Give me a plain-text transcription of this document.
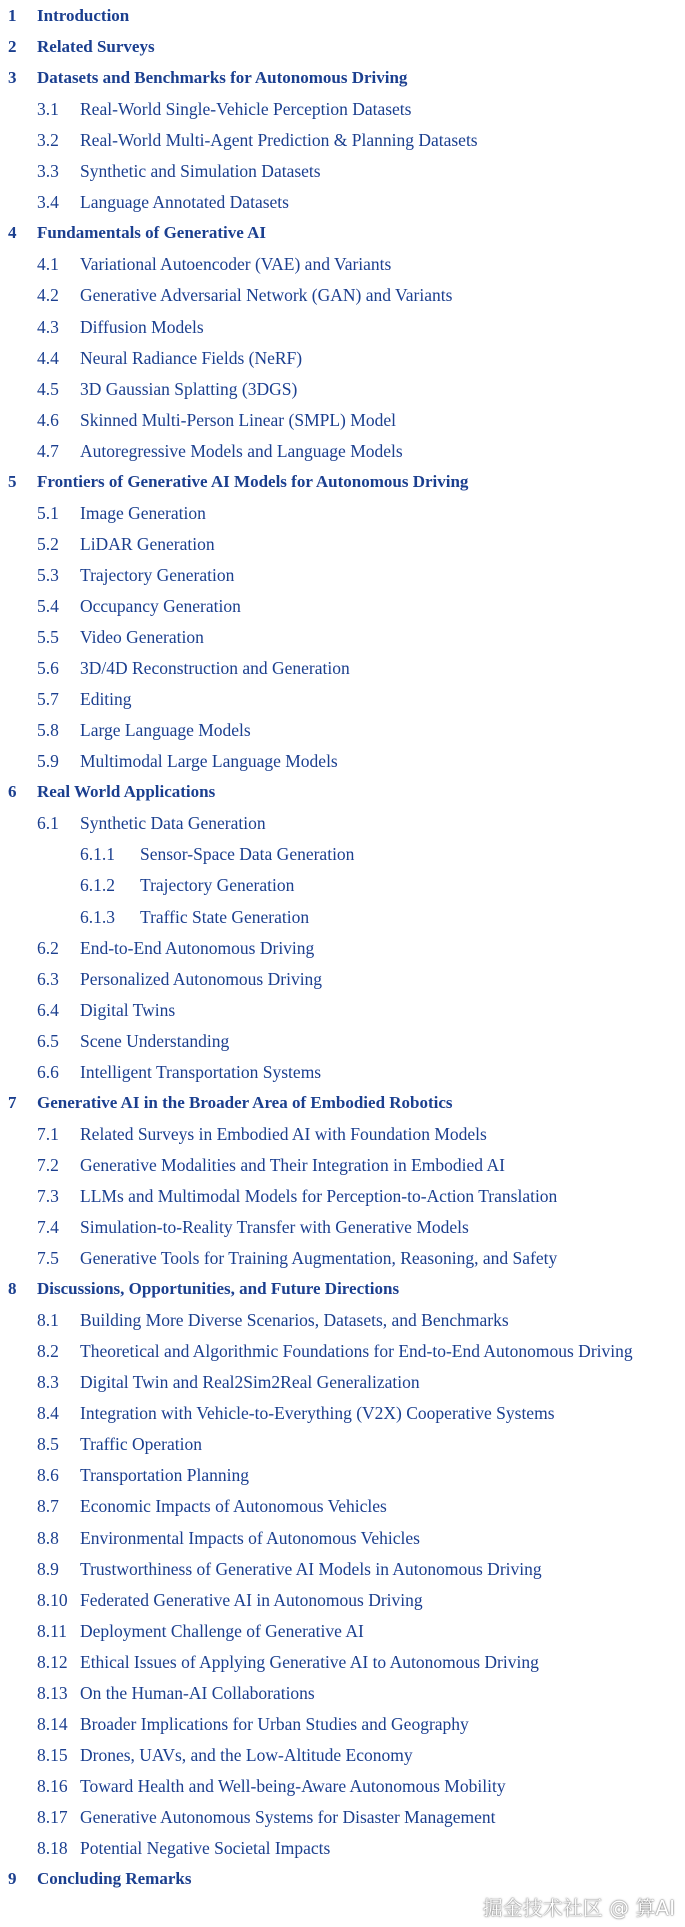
1 Introduction
2 Related Surveys
3 Datasets and Benchmarks for Autonomous Driving
3.1 Real-World Single-Vehicle Perception Datasets
3.2 Real-World Multi-Agent Prediction & Planning Datasets
3.3 Synthetic and Simulation Datasets
3.4 Language Annotated Datasets
4 Fundamentals of Generative AI
4.1 Variational Autoencoder (VAE) and Variants
4.2 Generative Adversarial Network (GAN) and Variants
4.3 Diffusion Models
4.4 Neural Radiance Fields (NeRF)
4.5 3D Gaussian Splatting (3DGS)
4.6 Skinned Multi-Person Linear (SMPL) Model
4.7 Autoregressive Models and Language Models
5 Frontiers of Generative AI Models for Autonomous Driving
5.1 Image Generation
5.2 LiDAR Generation
5.3 Trajectory Generation
5.4 Occupancy Generation
5.5 Video Generation
5.6 3D/4D Reconstruction and Generation
5.7 Editing
5.8 Large Language Models
5.9 Multimodal Large Language Models
6 Real World Applications
6.1 Synthetic Data Generation
6.1.1 Sensor-Space Data Generation
6.1.2 Trajectory Generation
6.1.3 Traffic State Generation
6.2 End-to-End Autonomous Driving
6.3 Personalized Autonomous Driving
6.4 Digital Twins
6.5 Scene Understanding
6.6 Intelligent Transportation Systems
7 Generative AI in the Broader Area of Embodied Robotics
7.1 Related Surveys in Embodied AI with Foundation Models
7.2 Generative Modalities and Their Integration in Embodied AI
7.3 LLMs and Multimodal Models for Perception-to-Action Translation
7.4 Simulation-to-Reality Transfer with Generative Models
7.5 Generative Tools for Training Augmentation, Reasoning, and Safety
8 Discussions, Opportunities, and Future Directions
8.1 Building More Diverse Scenarios, Datasets, and Benchmarks
8.2 Theoretical and Algorithmic Foundations for End-to-End Autonomous Driving
8.3 Digital Twin and Real2Sim2Real Generalization
8.4 Integration with Vehicle-to-Everything (V2X) Cooperative Systems
8.5 Traffic Operation
8.6 Transportation Planning
8.7 Economic Impacts of Autonomous Vehicles
8.8 Environmental Impacts of Autonomous Vehicles
8.9 Trustworthiness of Generative AI Models in Autonomous Driving
8.10 Federated Generative AI in Autonomous Driving
8.11 Deployment Challenge of Generative AI
8.12 Ethical Issues of Applying Generative AI to Autonomous Driving
8.13 On the Human-AI Collaborations
8.14 Broader Implications for Urban Studies and Geography
8.15 Drones, UAVs, and the Low-Altitude Economy
8.16 Toward Health and Well-being-Aware Autonomous Mobility
8.17 Generative Autonomous Systems for Disaster Management
8.18 Potential Negative Societal Impacts
9 Concluding Remarks
掘金技术社区 @ 算AI
